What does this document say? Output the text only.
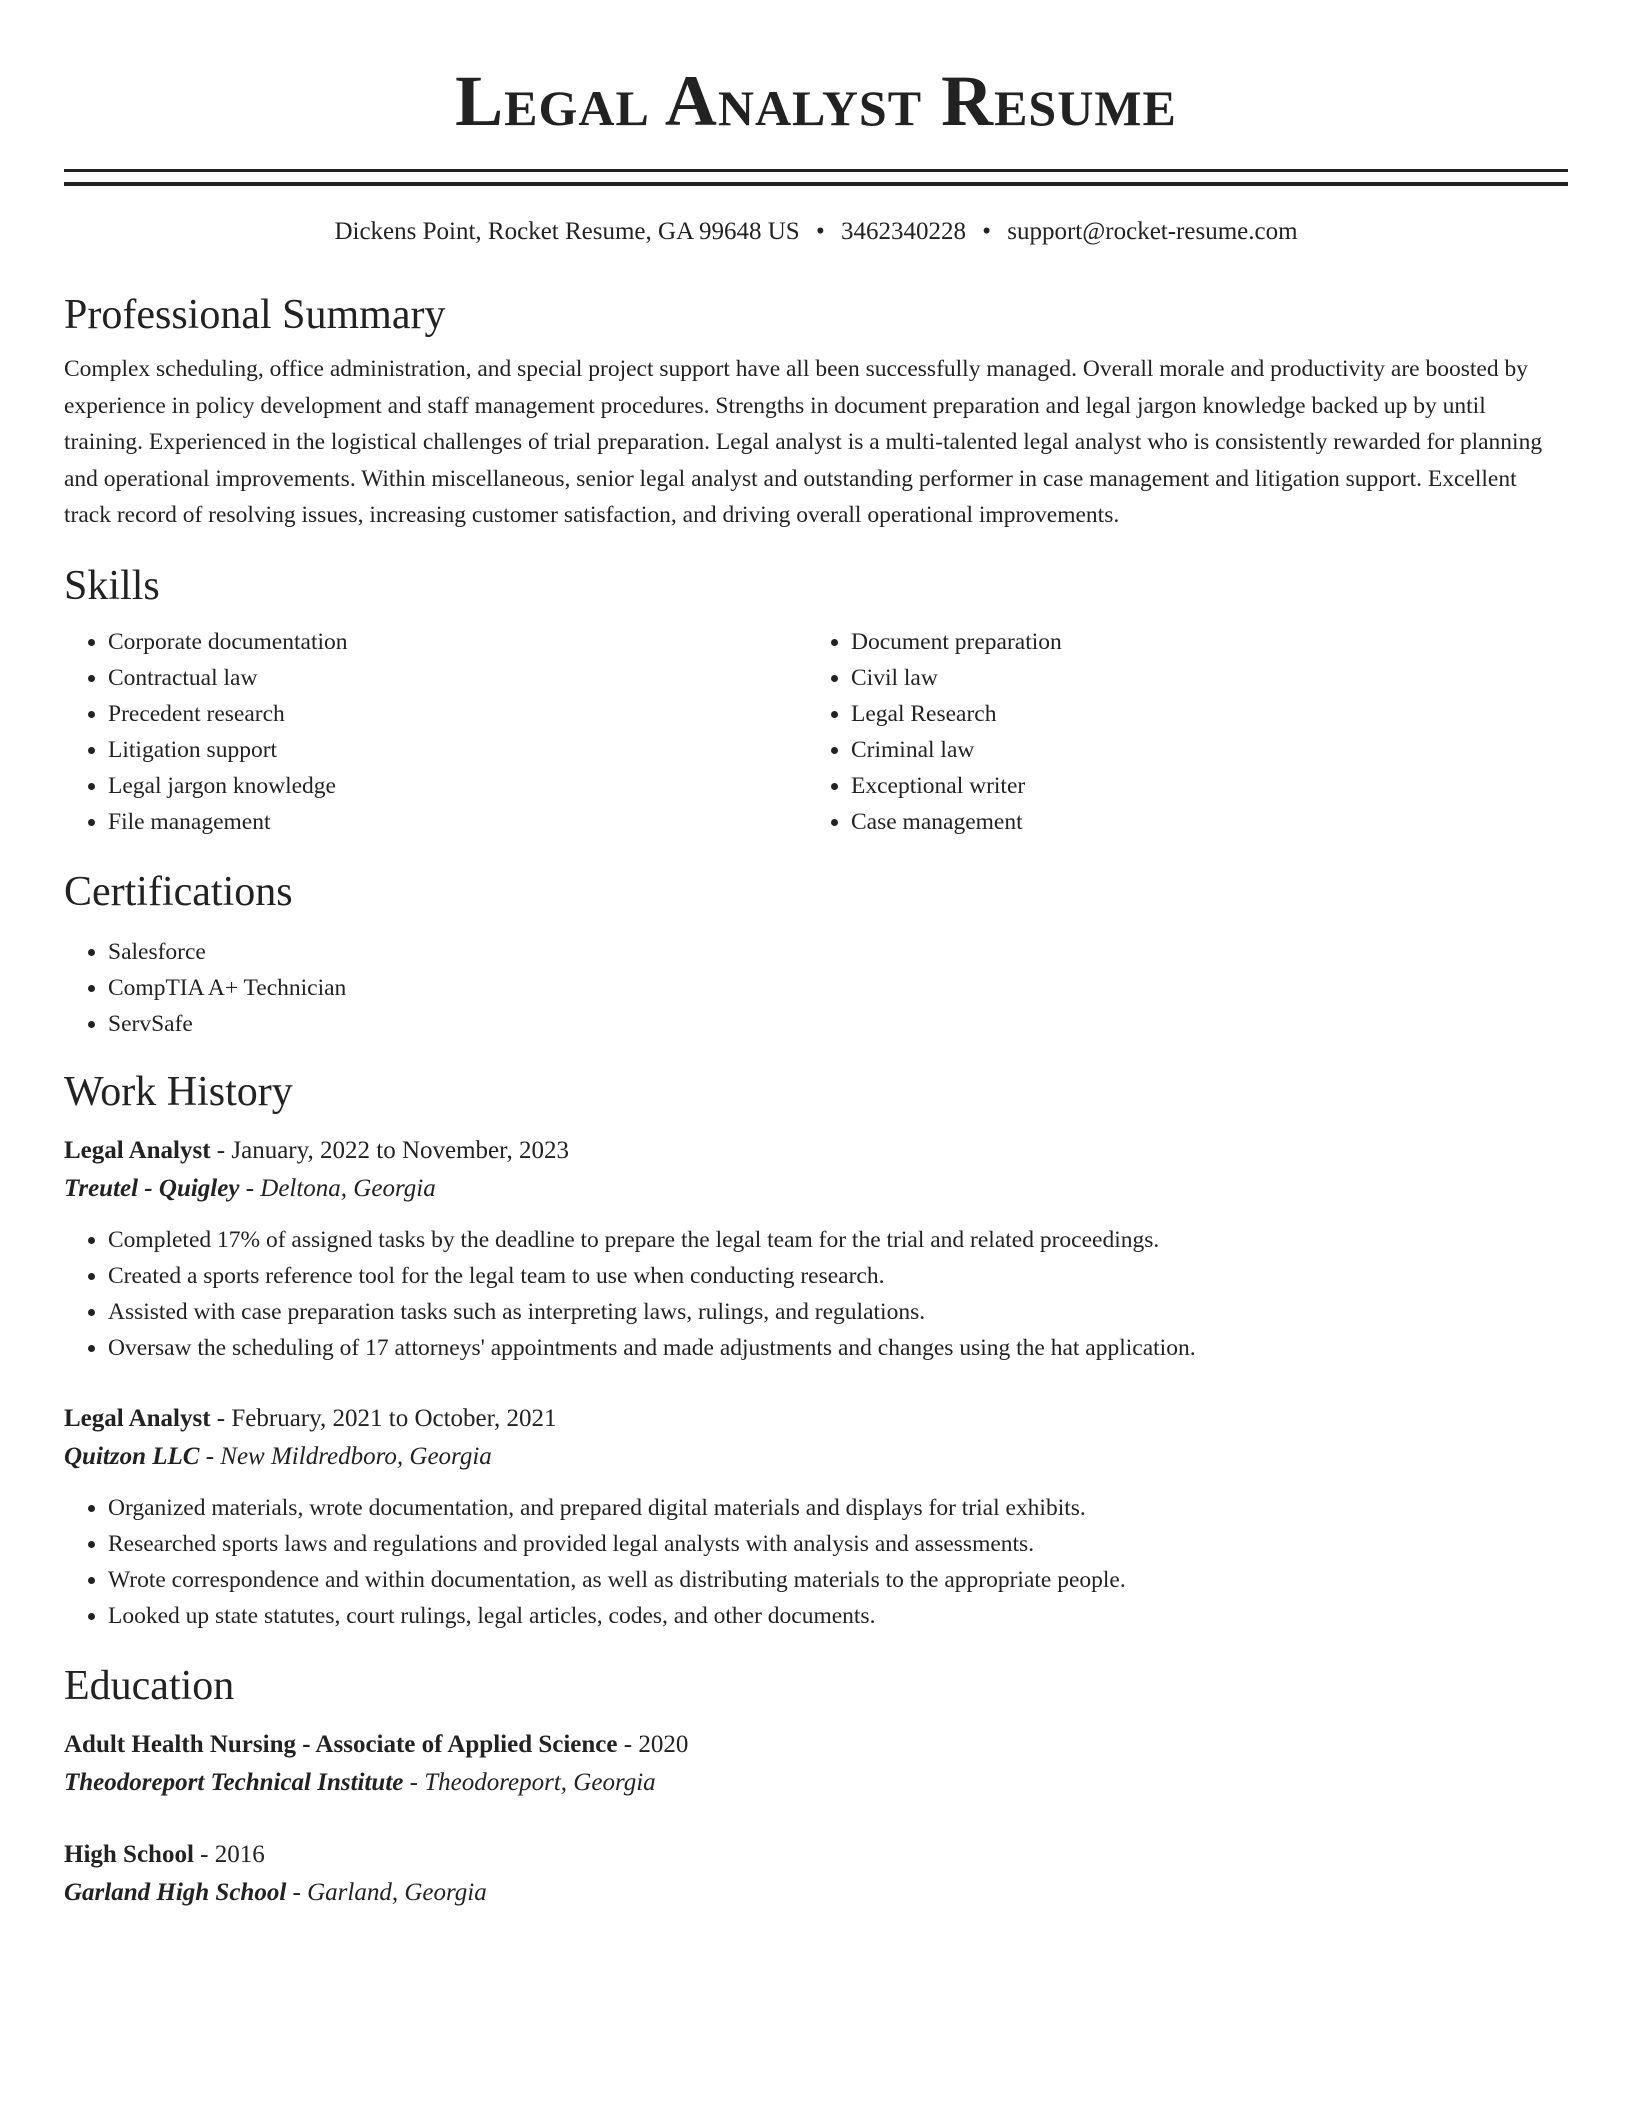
Legal Analyst Resume
Dickens Point, Rocket Resume, GA 99648 US • 3462340228 • support@rocket-resume.com
Professional Summary

Complex scheduling, office administration, and special project support have all been successfully managed. Overall morale and productivity are boosted by experience in policy development and staff management procedures. Strengths in document preparation and legal jargon knowledge backed up by until training. Experienced in the logistical challenges of trial preparation. Legal analyst is a multi-talented legal analyst who is consistently rewarded for planning and operational improvements. Within miscellaneous, senior legal analyst and outstanding performer in case management and litigation support. Excellent track record of resolving issues, increasing customer satisfaction, and driving overall operational improvements.

Skills
• Corporate documentation
• Contractual law
• Precedent research
• Litigation support
• Legal jargon knowledge
• File management
• Document preparation
• Civil law
• Legal Research
• Criminal law
• Exceptional writer
• Case management
Certifications
• Salesforce
• CompTIA A+ Technician
• ServSafe
Work History
Legal Analyst - January, 2022 to November, 2023
Treutel - Quigley - Deltona, Georgia
• Completed 17% of assigned tasks by the deadline to prepare the legal team for the trial and related proceedings.
• Created a sports reference tool for the legal team to use when conducting research.
• Assisted with case preparation tasks such as interpreting laws, rulings, and regulations.
• Oversaw the scheduling of 17 attorneys' appointments and made adjustments and changes using the hat application.
Legal Analyst - February, 2021 to October, 2021
Quitzon LLC - New Mildredboro, Georgia
• Organized materials, wrote documentation, and prepared digital materials and displays for trial exhibits.
• Researched sports laws and regulations and provided legal analysts with analysis and assessments.
• Wrote correspondence and within documentation, as well as distributing materials to the appropriate people.
• Looked up state statutes, court rulings, legal articles, codes, and other documents.
Education
Adult Health Nursing - Associate of Applied Science - 2020
Theodoreport Technical Institute - Theodoreport, Georgia
High School - 2016
Garland High School - Garland, Georgia
